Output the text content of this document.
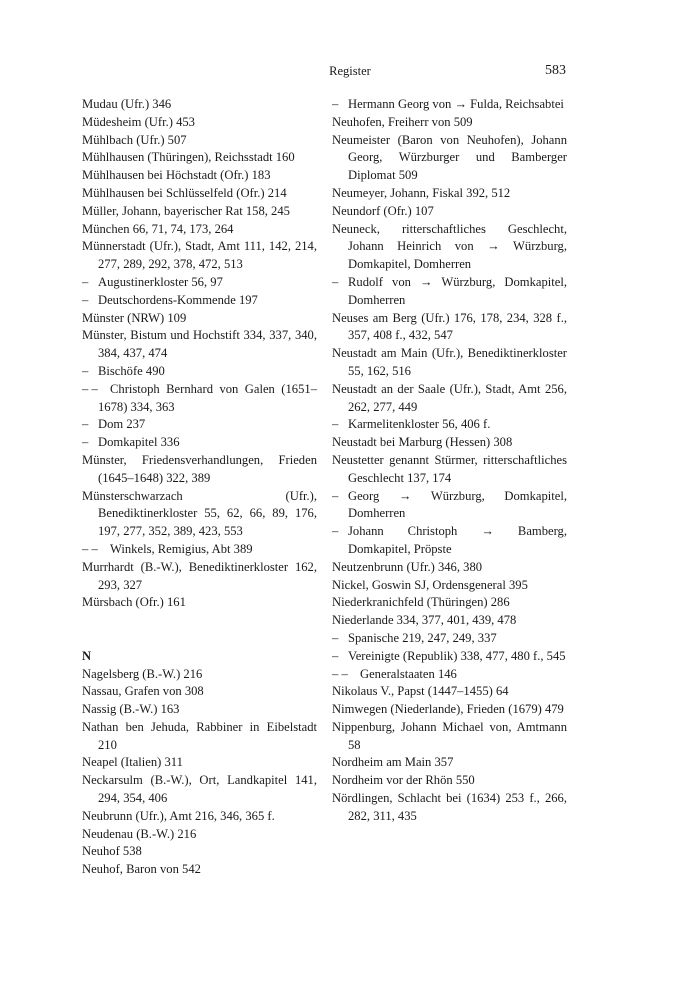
Register	583
Mudau (Ufr.) 346
Müdesheim (Ufr.) 453
Mühlbach (Ufr.) 507
Mühlhausen (Thüringen), Reichsstadt 160
Mühlhausen bei Höchstadt (Ofr.) 183
Mühlhausen bei Schlüsselfeld (Ofr.) 214
Müller, Johann, bayerischer Rat 158, 245
München 66, 71, 74, 173, 264
Münnerstadt (Ufr.), Stadt, Amt 111, 142, 214, 277, 289, 292, 378, 472, 513
– Augustinerkloster 56, 97
– Deutschordens-Kommende 197
Münster (NRW) 109
Münster, Bistum und Hochstift 334, 337, 340, 384, 437, 474
– Bischöfe 490
– – Christoph Bernhard von Galen (1651–1678) 334, 363
– Dom 237
– Domkapitel 336
Münster, Friedensverhandlungen, Frieden (1645–1648) 322, 389
Münsterschwarzach (Ufr.), Benediktinerkloster 55, 62, 66, 89, 176, 197, 277, 352, 389, 423, 553
– – Winkels, Remigius, Abt 389
Murrhardt (B.-W.), Benediktinerkloster 162, 293, 327
Mürsbach (Ofr.) 161
N
Nagelsberg (B.-W.) 216
Nassau, Grafen von 308
Nassig (B.-W.) 163
Nathan ben Jehuda, Rabbiner in Eibelstadt 210
Neapel (Italien) 311
Neckarsulm (B.-W.), Ort, Landkapitel 141, 294, 354, 406
Neubrunn (Ufr.), Amt 216, 346, 365 f.
Neudenau (B.-W.) 216
Neuhof 538
Neuhof, Baron von 542
– Hermann Georg von → Fulda, Reichsabtei
Neuhofen, Freiherr von 509
Neumeister (Baron von Neuhofen), Johann Georg, Würzburger und Bamberger Diplomat 509
Neumeyer, Johann, Fiskal 392, 512
Neundorf (Ofr.) 107
Neuneck, ritterschaftliches Geschlecht, Johann Heinrich von → Würzburg, Domkapitel, Domherren
– Rudolf von → Würzburg, Domkapitel, Domherren
Neuses am Berg (Ufr.) 176, 178, 234, 328 f., 357, 408 f., 432, 547
Neustadt am Main (Ufr.), Benediktinerkloster 55, 162, 516
Neustadt an der Saale (Ufr.), Stadt, Amt 256, 262, 277, 449
– Karmelitenkloster 56, 406 f.
Neustadt bei Marburg (Hessen) 308
Neustetter genannt Stürmer, ritterschaftliches Geschlecht 137, 174
– Georg → Würzburg, Domkapitel, Domherren
– Johann Christoph → Bamberg, Domkapitel, Pröpste
Neutzenbrunn (Ufr.) 346, 380
Nickel, Goswin SJ, Ordensgeneral 395
Niederkranichfeld (Thüringen) 286
Niederlande 334, 377, 401, 439, 478
– Spanische 219, 247, 249, 337
– Vereinigte (Republik) 338, 477, 480 f., 545
– – Generalstaaten 146
Nikolaus V., Papst (1447–1455) 64
Nimwegen (Niederlande), Frieden (1679) 479
Nippenburg, Johann Michael von, Amtmann 58
Nordheim am Main 357
Nordheim vor der Rhön 550
Nördlingen, Schlacht bei (1634) 253 f., 266, 282, 311, 435
